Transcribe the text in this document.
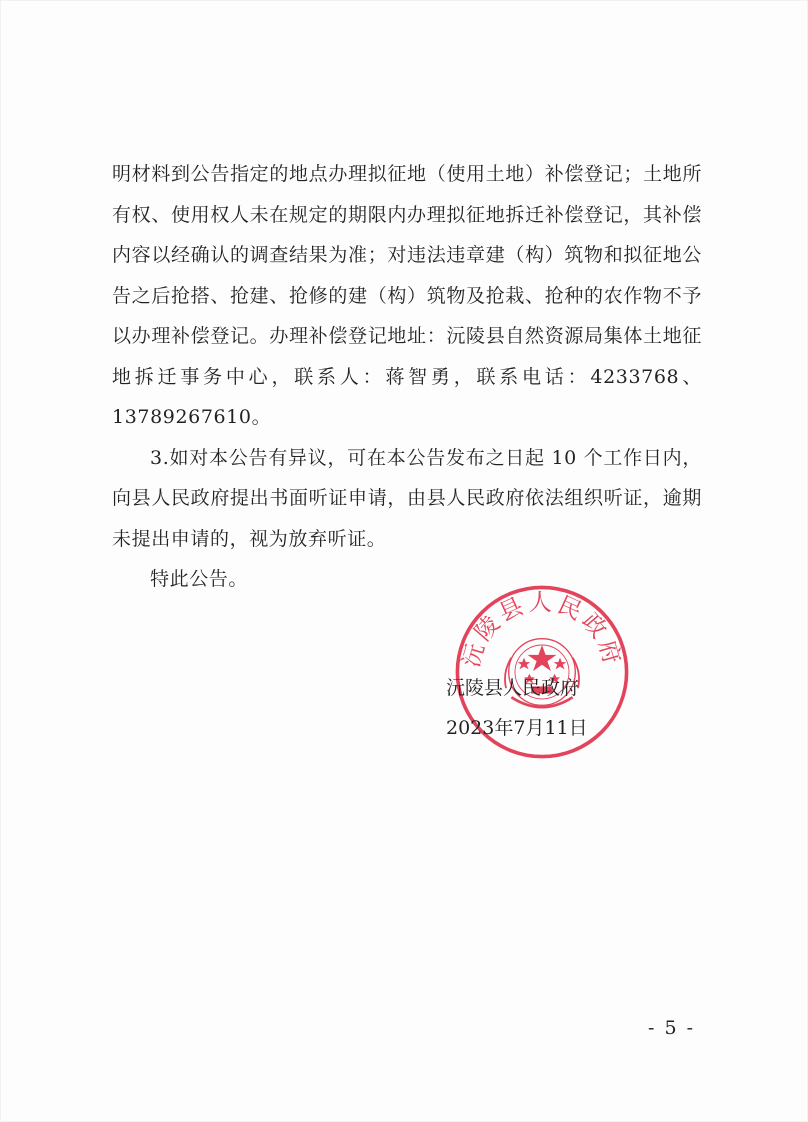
明材料到公告指定的地点办理拟征地（使用土地）补偿登记；土地所有权、使用权人未在规定的期限内办理拟征地拆迁补偿登记，其补偿内容以经确认的调查结果为准；对违法违章建（构）筑物和拟征地公告之后抢搭、抢建、抢修的建（构）筑物及抢栽、抢种的农作物不予以办理补偿登记。办理补偿登记地址：沅陵县自然资源局集体土地征地拆迁事务中心，联系人：蒋智勇，联系电话：4233768、13789267610。

3.如对本公告有异议，可在本公告发布之日起 10 个工作日内，向县人民政府提出书面听证申请，由县人民政府依法组织听证，逾期未提出申请的，视为放弃听证。

特此公告。

沅陵县人民政府
沅陵县人民政府
2023年7月11日
- 5 -
